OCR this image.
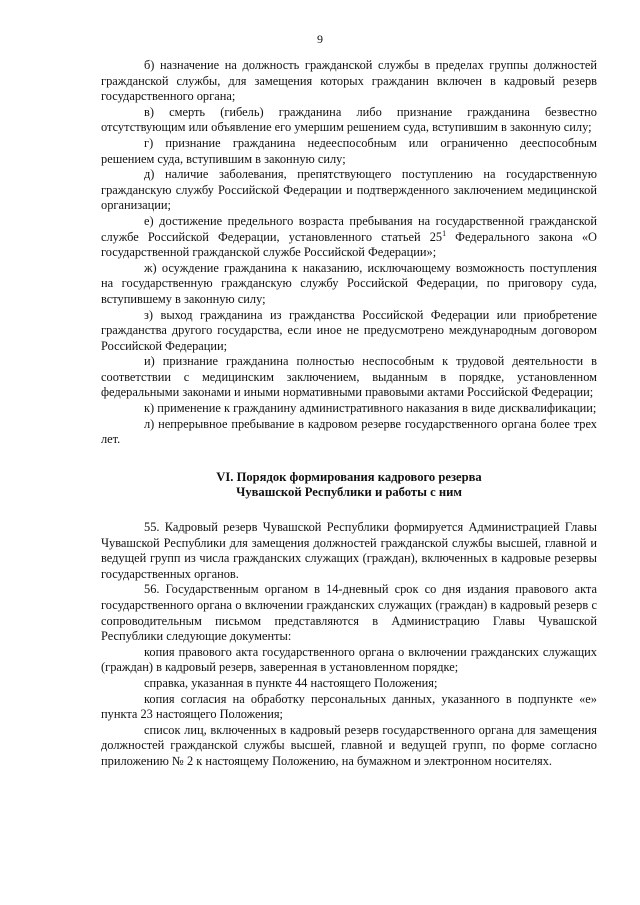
9

б) назначение на должность гражданской службы в пределах группы должностей гражданской службы, для замещения которых гражданин включен в кадровый резерв государственного органа;

в) смерть (гибель) гражданина либо признание гражданина безвестно отсутствующим или объявление его умершим решением суда, вступившим в законную силу;

г) признание гражданина недееспособным или ограниченно дееспособным решением суда, вступившим в законную силу;

д) наличие заболевания, препятствующего поступлению на государственную гражданскую службу Российской Федерации и подтвержденного заключением медицинской организации;

е) достижение предельного возраста пребывания на государственной гражданской службе Российской Федерации, установленного статьей $25^1$ Федерального закона «О государственной гражданской службе Российской Федерации»;

ж) осуждение гражданина к наказанию, исключающему возможность поступления на государственную гражданскую службу Российской Федерации, по приговору суда, вступившему в законную силу;

з) выход гражданина из гражданства Российской Федерации или приобретение гражданства другого государства, если иное не предусмотрено международным договором Российской Федерации;

и) признание гражданина полностью неспособным к трудовой деятельности в соответствии с медицинским заключением, выданным в порядке, установленном федеральными законами и иными нормативными правовыми актами Российской Федерации;

к) применение к гражданину административного наказания в виде дисквалификации;

л) непрерывное пребывание в кадровом резерве государственного органа более трех лет.

VI. Порядок формирования кадрового резерва
Чувашской Республики и работы с ним

55. Кадровый резерв Чувашской Республики формируется Администрацией Главы Чувашской Республики для замещения должностей гражданской службы высшей, главной и ведущей групп из числа гражданских служащих (граждан), включенных в кадровые резервы государственных органов.

56. Государственным органом в 14-дневный срок со дня издания правового акта государственного органа о включении гражданских служащих (граждан) в кадровый резерв с сопроводительным письмом представляются в Администрацию Главы Чувашской Республики следующие документы:

копия правового акта государственного органа о включении гражданских служащих (граждан) в кадровый резерв, заверенная в установленном порядке;

справка, указанная в пункте 44 настоящего Положения;

копия согласия на обработку персональных данных, указанного в подпункте «е» пункта 23 настоящего Положения;

список лиц, включенных в кадровый резерв государственного органа для замещения должностей гражданской службы высшей, главной и ведущей групп, по форме согласно приложению № 2 к настоящему Положению, на бумажном и электронном носителях.
